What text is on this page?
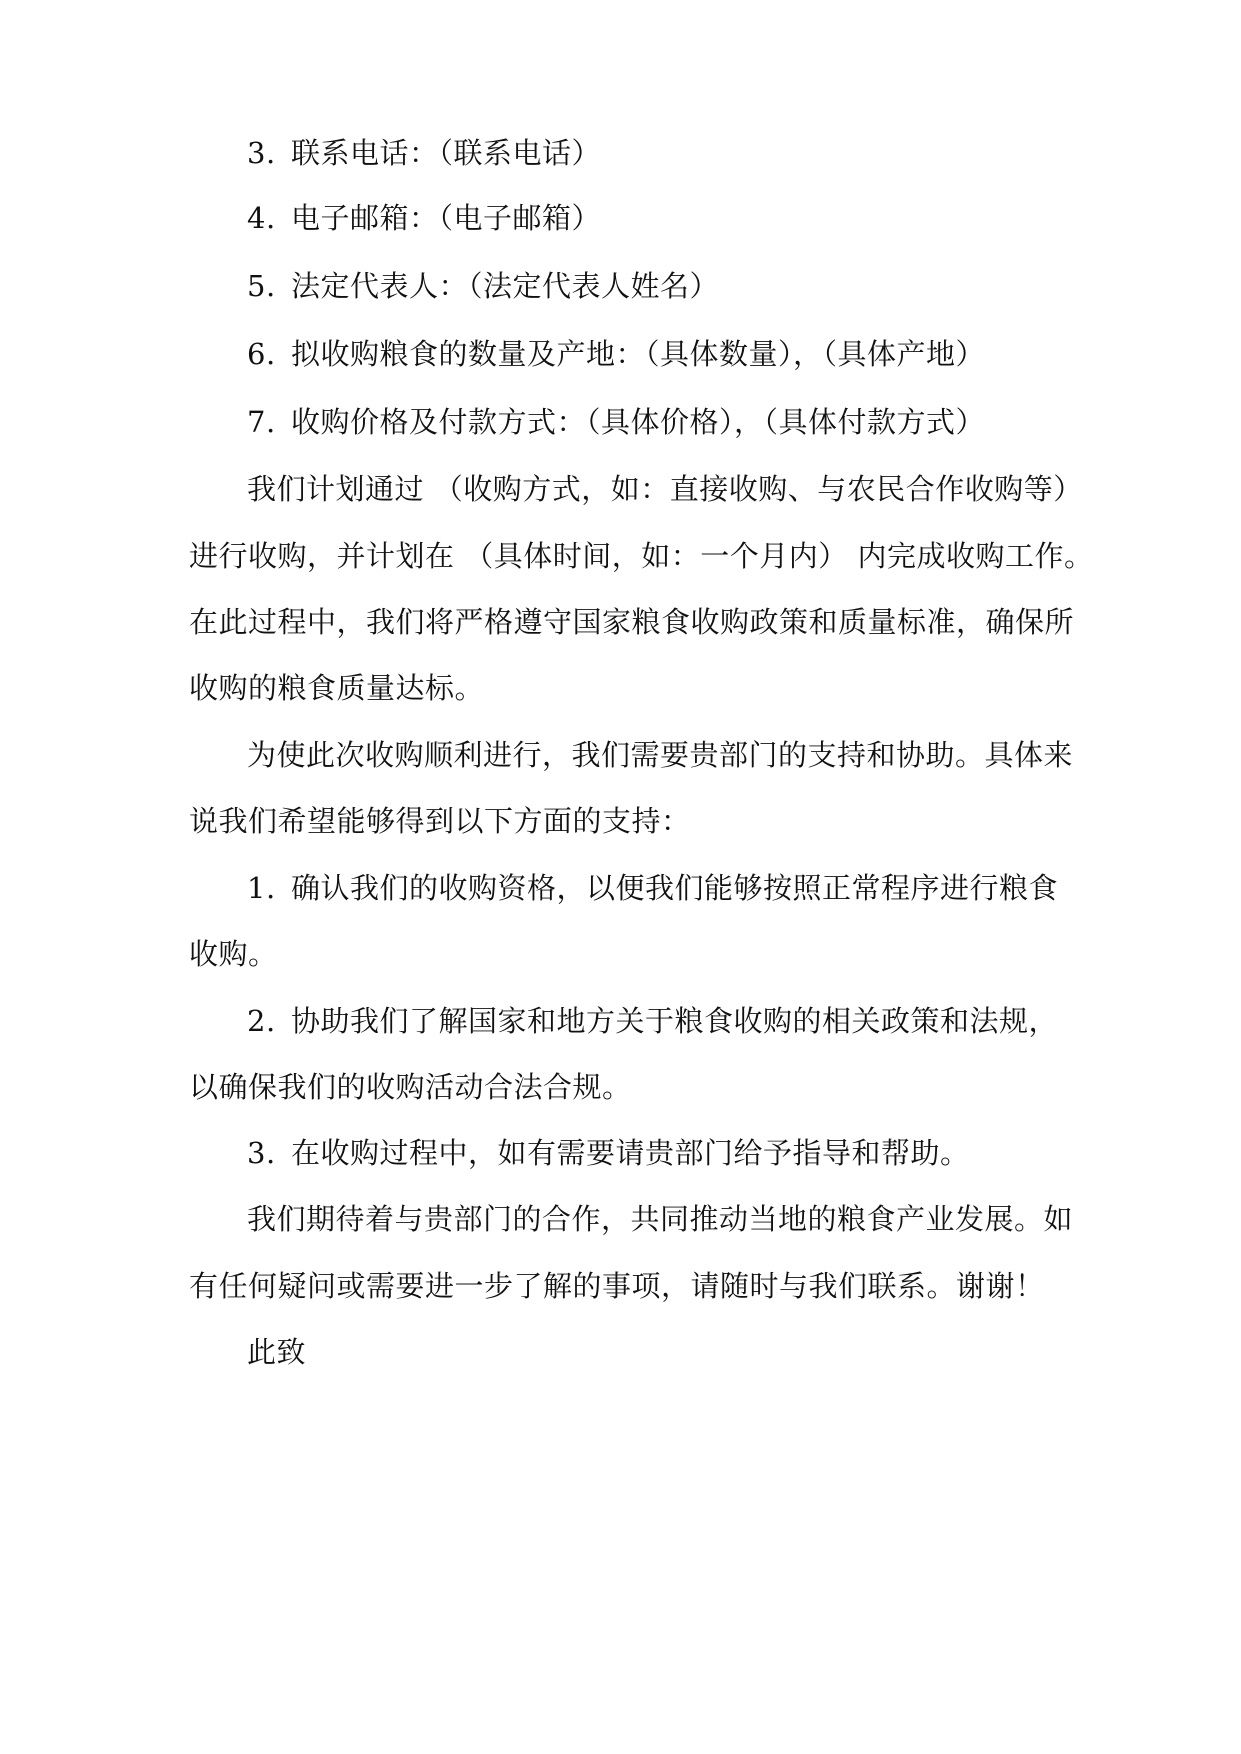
3. 联系电话：（联系电话）
4. 电子邮箱：（电子邮箱）
5. 法定代表人：（法定代表人姓名）
6. 拟收购粮食的数量及产地：（具体数量），（具体产地）
7. 收购价格及付款方式：（具体价格），（具体付款方式）
我们计划通过 （收购方式，如：直接收购、与农民合作收购等）
进行收购，并计划在 （具体时间，如：一个月内） 内完成收购工作。
在此过程中，我们将严格遵守国家粮食收购政策和质量标准，确保所
收购的粮食质量达标。
为使此次收购顺利进行，我们需要贵部门的支持和协助。具体来
说我们希望能够得到以下方面的支持：
1. 确认我们的收购资格，以便我们能够按照正常程序进行粮食
收购。
2. 协助我们了解国家和地方关于粮食收购的相关政策和法规，
以确保我们的收购活动合法合规。
3. 在收购过程中，如有需要请贵部门给予指导和帮助。
我们期待着与贵部门的合作，共同推动当地的粮食产业发展。如
有任何疑问或需要进一步了解的事项，请随时与我们联系。谢谢！
此致
